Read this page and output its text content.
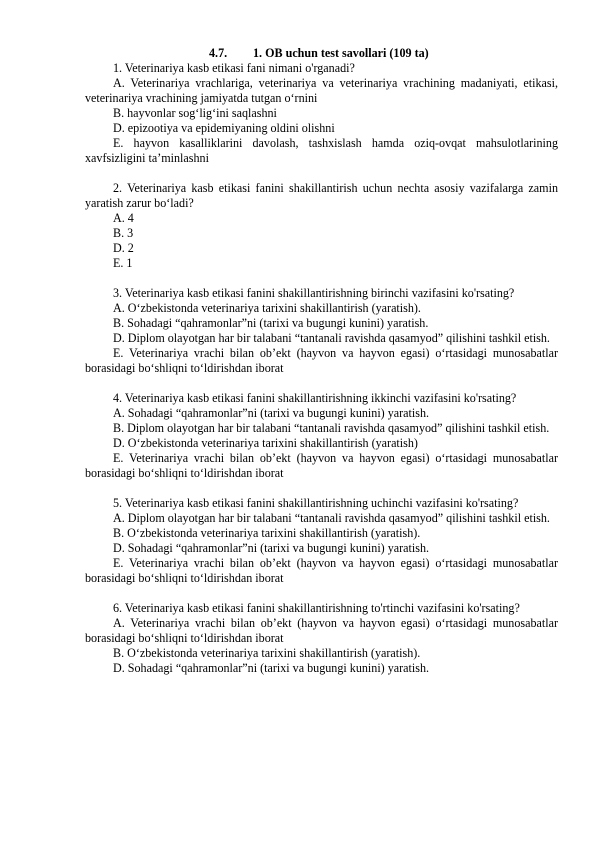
4.7. 1. OB uchun test savollari (109 ta)

1. Veterinariya kasb etikasi fani nimani o'rganadi?

A. Veterinariya vrachlariga, veterinariya va veterinariya vrachining madaniyati, etikasi, veterinariya vrachining jamiyatda tutgan o‘rnini

B. hayvonlar sog‘lig‘ini saqlashni

D. epizootiya va epidemiyaning oldini olishni

E. hayvon kasalliklarini davolash, tashxislash hamda oziq-ovqat mahsulotlarining xavfsizligini ta’minlashni

2. Veterinariya kasb etikasi fanini shakillantirish uchun nechta asosiy vazifalarga zamin yaratish zarur bo‘ladi?

A. 4

B. 3

D. 2

E. 1

3. Veterinariya kasb etikasi fanini shakillantirishning birinchi vazifasini ko'rsating?

A. O‘zbekistonda veterinariya tarixini shakillantirish (yaratish).

B. Sohadagi “qahramonlar”ni (tarixi va bugungi kunini) yaratish.

D. Diplom olayotgan har bir talabani “tantanali ravishda qasamyod” qilishini tashkil etish.

E. Veterinariya vrachi bilan ob’ekt (hayvon va hayvon egasi) o‘rtasidagi munosabatlar borasidagi bo‘shliqni to‘ldirishdan iborat

4. Veterinariya kasb etikasi fanini shakillantirishning ikkinchi vazifasini ko'rsating?

A. Sohadagi “qahramonlar”ni (tarixi va bugungi kunini) yaratish.

B. Diplom olayotgan har bir talabani “tantanali ravishda qasamyod” qilishini tashkil etish.

D. O‘zbekistonda veterinariya tarixini shakillantirish (yaratish)

E. Veterinariya vrachi bilan ob’ekt (hayvon va hayvon egasi) o‘rtasidagi munosabatlar borasidagi bo‘shliqni to‘ldirishdan iborat

5. Veterinariya kasb etikasi fanini shakillantirishning uchinchi vazifasini ko'rsating?

A. Diplom olayotgan har bir talabani “tantanali ravishda qasamyod” qilishini tashkil etish.

B. O‘zbekistonda veterinariya tarixini shakillantirish (yaratish).

D. Sohadagi “qahramonlar”ni (tarixi va bugungi kunini) yaratish.

E. Veterinariya vrachi bilan ob’ekt (hayvon va hayvon egasi) o‘rtasidagi munosabatlar borasidagi bo‘shliqni to‘ldirishdan iborat

6. Veterinariya kasb etikasi fanini shakillantirishning to'rtinchi vazifasini ko'rsating?

A. Veterinariya vrachi bilan ob’ekt (hayvon va hayvon egasi) o‘rtasidagi munosabatlar borasidagi bo‘shliqni to‘ldirishdan iborat

B. O‘zbekistonda veterinariya tarixini shakillantirish (yaratish).

D. Sohadagi “qahramonlar”ni (tarixi va bugungi kunini) yaratish.
